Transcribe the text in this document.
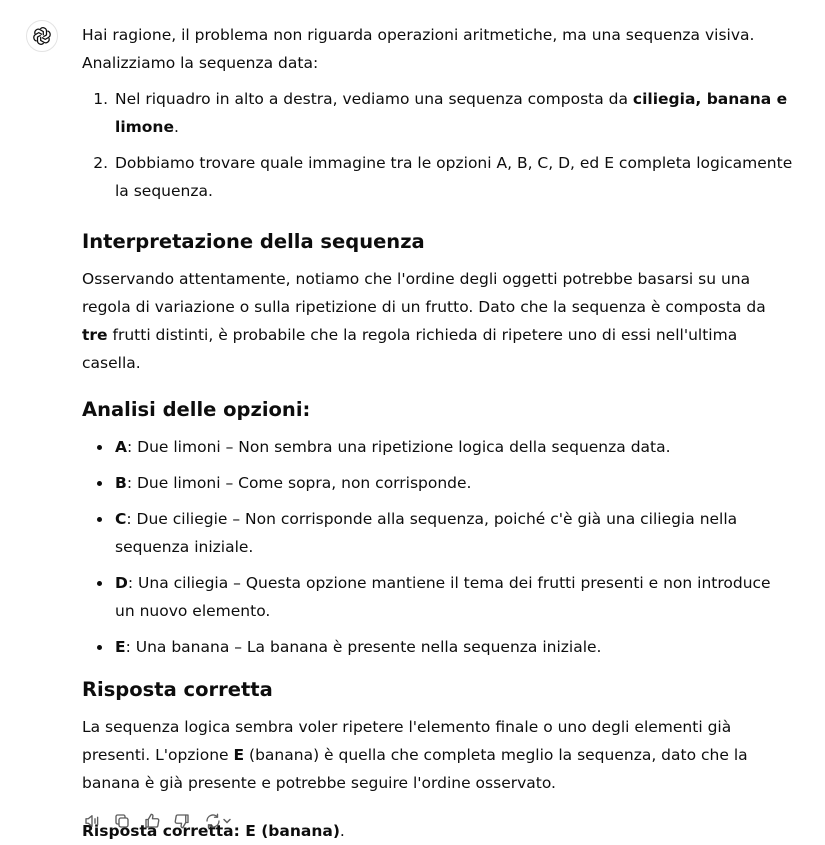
Hai ragione, il problema non riguarda operazioni aritmetiche, ma una sequenza visiva. Analizziamo la sequenza data:

1. Nel riquadro in alto a destra, vediamo una sequenza composta da ciliegia, banana e limone.
2. Dobbiamo trovare quale immagine tra le opzioni A, B, C, D, ed E completa logicamente la sequenza.
Interpretazione della sequenza

Osservando attentamente, notiamo che l'ordine degli oggetti potrebbe basarsi su una regola di variazione o sulla ripetizione di un frutto. Dato che la sequenza è composta da tre frutti distinti, è probabile che la regola richieda di ripetere uno di essi nell'ultima casella.

Analisi delle opzioni:
• A: Due limoni – Non sembra una ripetizione logica della sequenza data.
• B: Due limoni – Come sopra, non corrisponde.
• C: Due ciliegie – Non corrisponde alla sequenza, poiché c'è già una ciliegia nella sequenza iniziale.
• D: Una ciliegia – Questa opzione mantiene il tema dei frutti presenti e non introduce un nuovo elemento.
• E: Una banana – La banana è presente nella sequenza iniziale.
Risposta corretta

La sequenza logica sembra voler ripetere l'elemento finale o uno degli elementi già presenti. L'opzione E (banana) è quella che completa meglio la sequenza, dato che la banana è già presente e potrebbe seguire l'ordine osservato.

Risposta corretta: E (banana).
